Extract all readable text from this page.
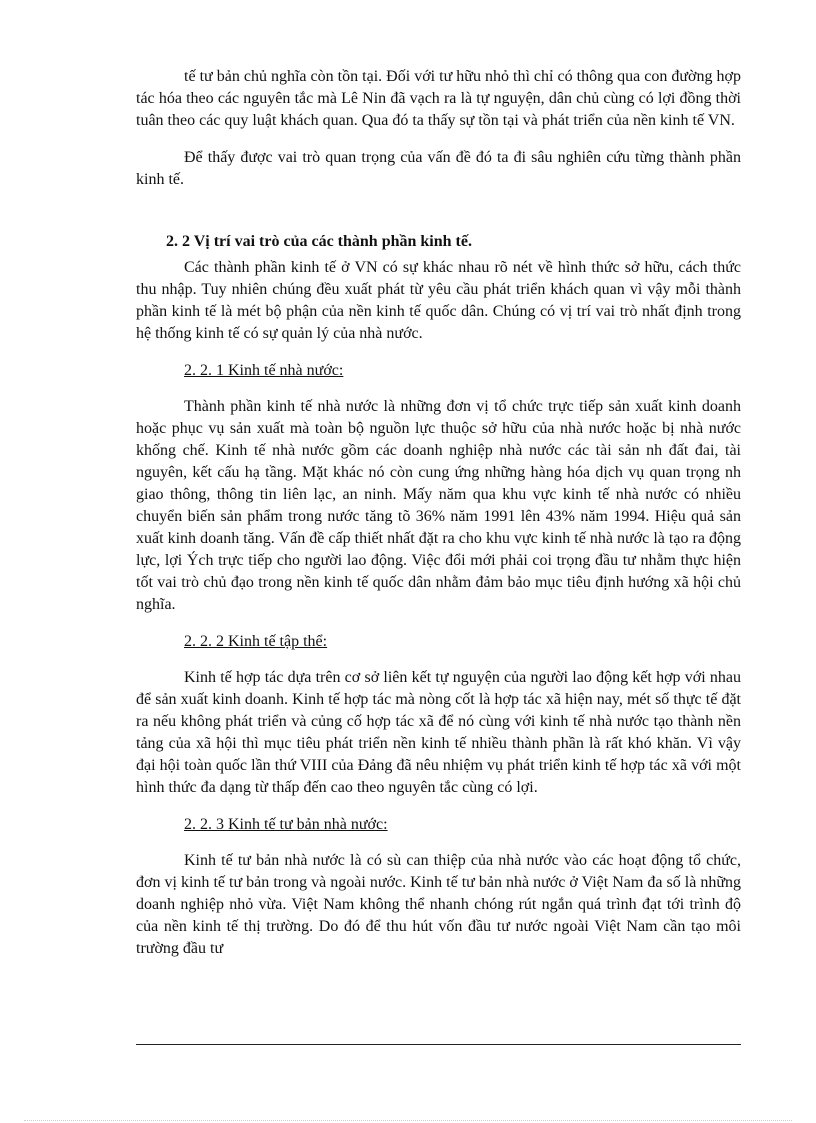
tế tư bản chủ nghĩa còn tồn tại. Đối với tư hữu nhỏ thì chỉ có thông qua con đường hợp tác hóa theo các nguyên tắc mà Lê Nin đã vạch ra là tự nguyện, dân chủ cùng có lợi đồng thời tuân theo các quy luật khách quan. Qua đó ta thấy sự tồn tại và phát triển của nền kinh tế VN.

Để thấy được vai trò quan trọng của vấn đề đó ta đi sâu nghiên cứu từng thành phần kinh tế.

2. 2 Vị trí vai trò của các thành phần kinh tế.

Các thành phần kinh tế ở VN có sự khác nhau rõ nét về hình thức sở hữu, cách thức thu nhập. Tuy nhiên chúng đều xuất phát từ yêu cầu phát triển khách quan vì vậy mỗi thành phần kinh tế là mét bộ phận của nền kinh tế quốc dân. Chúng có vị trí vai trò nhất định trong hệ thống kinh tế có sự quản lý của nhà nước.

2. 2. 1 Kinh tế nhà nước:

Thành phần kinh tế nhà nước là những đơn vị tổ chức trực tiếp sản xuất kinh doanh hoặc phục vụ sản xuất mà toàn bộ nguồn lực thuộc sở hữu của nhà nước hoặc bị nhà nước khống chế. Kinh tế nhà nước gồm các doanh nghiệp nhà nước các tài sản nh đất đai, tài nguyên, kết cấu hạ tầng. Mặt khác nó còn cung ứng những hàng hóa dịch vụ quan trọng nh giao thông, thông tin liên lạc, an ninh. Mấy năm qua khu vực kinh tế nhà nước có nhiều chuyển biến sản phẩm trong nước tăng tõ 36% năm 1991 lên 43% năm 1994. Hiệu quả sản xuất kinh doanh tăng. Vấn đề cấp thiết nhất đặt ra cho khu vực kinh tế nhà nước là tạo ra động lực, lợi Ých trực tiếp cho người lao động. Việc đổi mới phải coi trọng đầu tư nhằm thực hiện tốt vai trò chủ đạo trong nền kinh tế quốc dân nhằm đảm bảo mục tiêu định hướng xã hội chủ nghĩa.

2. 2. 2 Kinh tế tập thể:

Kinh tế hợp tác dựa trên cơ sở liên kết tự nguyện của người lao động kết hợp với nhau để sản xuất kinh doanh. Kinh tế hợp tác mà nòng cốt là hợp tác xã hiện nay, mét số thực tế đặt ra nếu không phát triển và củng cố hợp tác xã để nó cùng với kinh tế nhà nước tạo thành nền tảng của xã hội thì mục tiêu phát triển nền kinh tế nhiều thành phần là rất khó khăn. Vì vậy đại hội toàn quốc lần thứ VIII của Đảng đã nêu nhiệm vụ phát triển kinh tế hợp tác xã với một hình thức đa dạng từ thấp đến cao theo nguyên tắc cùng có lợi.

2. 2. 3 Kinh tế tư bản nhà nước:

Kinh tế tư bản nhà nước là có sù can thiệp của nhà nước vào các hoạt động tổ chức, đơn vị kinh tế tư bản trong và ngoài nước. Kinh tế tư bản nhà nước ở Việt Nam đa số là những doanh nghiệp nhỏ vừa. Việt Nam không thể nhanh chóng rút ngắn quá trình đạt tới trình độ của nền kinh tế thị trường. Do đó để thu hút vốn đầu tư nước ngoài Việt Nam cần tạo môi trường đầu tư
